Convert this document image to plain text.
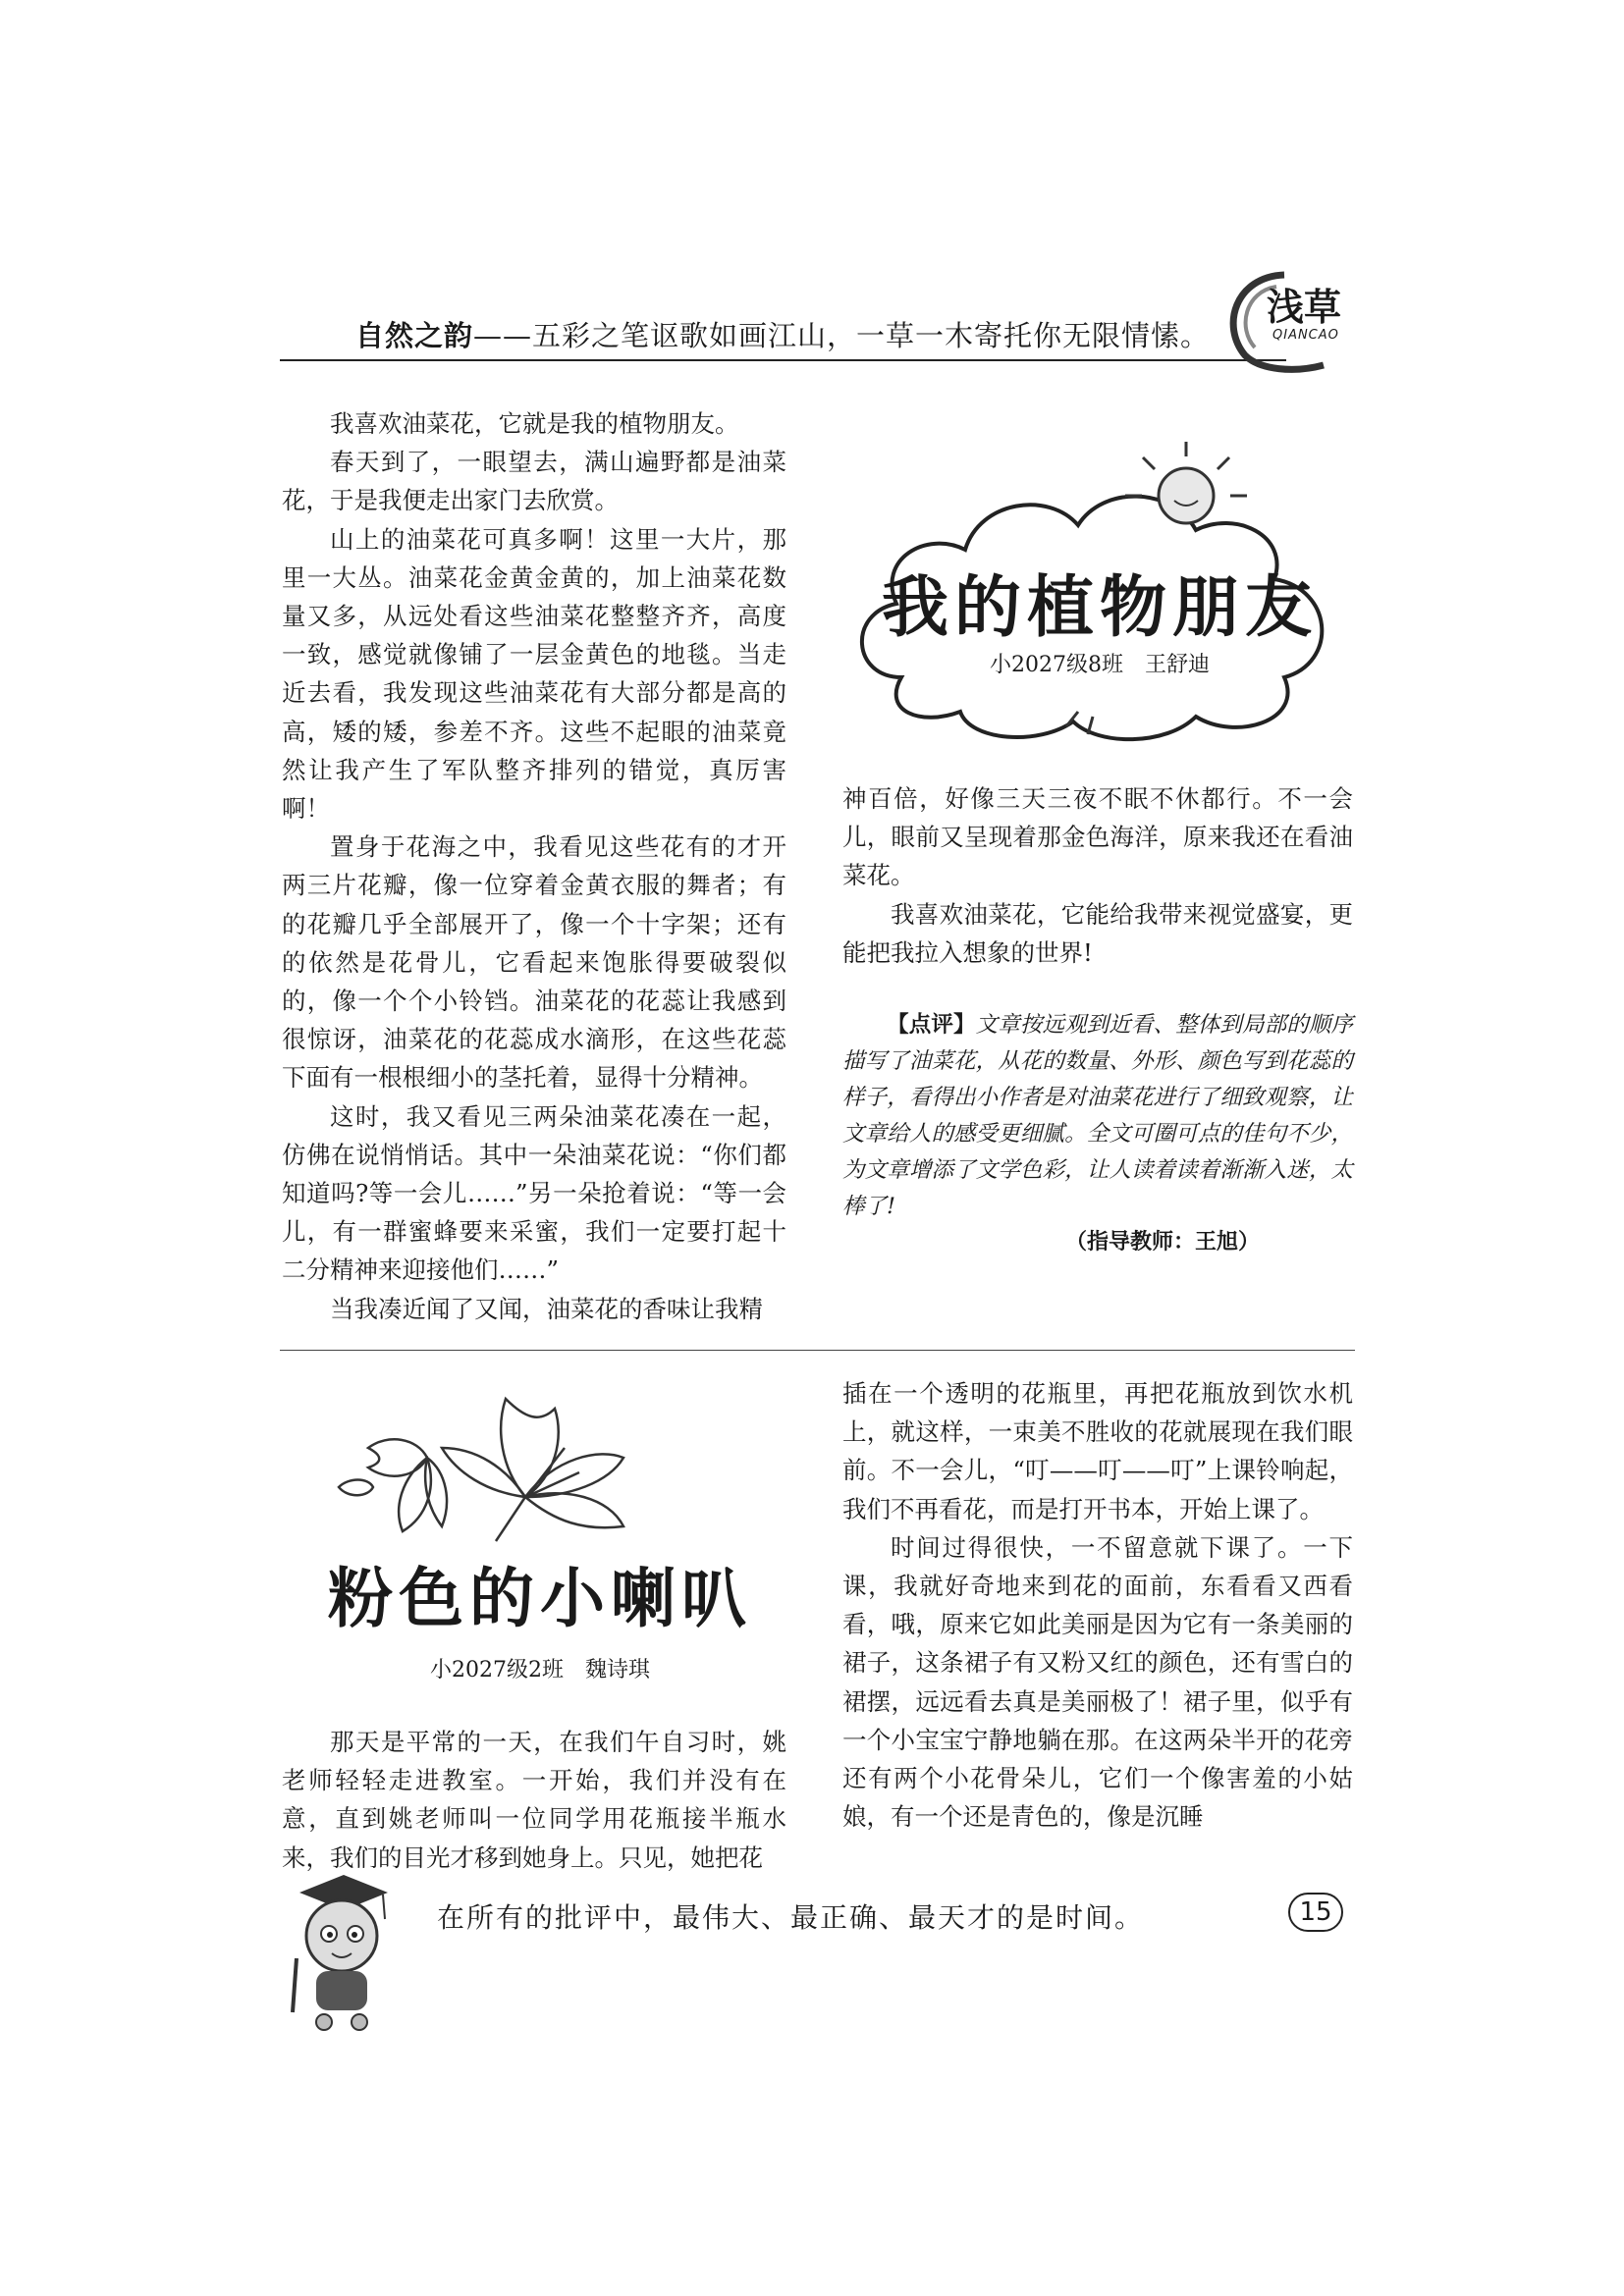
自然之韵——五彩之笔讴歌如画江山，一草一木寄托你无限情愫。
浅草
QIANCAO

我喜欢油菜花，它就是我的植物朋友。

春天到了，一眼望去，满山遍野都是油菜花，于是我便走出家门去欣赏。

山上的油菜花可真多啊！这里一大片，那里一大丛。油菜花金黄金黄的，加上油菜花数量又多，从远处看这些油菜花整整齐齐，高度一致，感觉就像铺了一层金黄色的地毯。当走近去看，我发现这些油菜花有大部分都是高的高，矮的矮，参差不齐。这些不起眼的油菜竟然让我产生了军队整齐排列的错觉，真厉害啊！

置身于花海之中，我看见这些花有的才开两三片花瓣，像一位穿着金黄衣服的舞者；有的花瓣几乎全部展开了，像一个十字架；还有的依然是花骨儿，它看起来饱胀得要破裂似的，像一个个小铃铛。油菜花的花蕊让我感到很惊讶，油菜花的花蕊成水滴形，在这些花蕊下面有一根根细小的茎托着，显得十分精神。

这时，我又看见三两朵油菜花凑在一起，仿佛在说悄悄话。其中一朵油菜花说：“你们都知道吗?等一会儿……”另一朵抢着说：“等一会儿，有一群蜜蜂要来采蜜，我们一定要打起十二分精神来迎接他们……”

当我凑近闻了又闻，油菜花的香味让我精

我的植物朋友
小2027级8班　王舒迪

神百倍，好像三天三夜不眠不休都行。不一会儿，眼前又呈现着那金色海洋，原来我还在看油菜花。

我喜欢油菜花，它能给我带来视觉盛宴，更能把我拉入想象的世界!

【点评】文章按远观到近看、整体到局部的顺序描写了油菜花，从花的数量、外形、颜色写到花蕊的样子，看得出小作者是对油菜花进行了细致观察，让文章给人的感受更细腻。全文可圈可点的佳句不少，为文章增添了文学色彩，让人读着读着渐渐入迷，太棒了!
（指导教师：王旭）
粉色的小喇叭
小2027级2班　魏诗琪

那天是平常的一天，在我们午自习时，姚老师轻轻走进教室。一开始，我们并没有在意，直到姚老师叫一位同学用花瓶接半瓶水来，我们的目光才移到她身上。只见，她把花

插在一个透明的花瓶里，再把花瓶放到饮水机上，就这样，一束美不胜收的花就展现在我们眼前。不一会儿，“叮——叮——叮”上课铃响起，我们不再看花，而是打开书本，开始上课了。

时间过得很快，一不留意就下课了。一下课，我就好奇地来到花的面前，东看看又西看看，哦，原来它如此美丽是因为它有一条美丽的裙子，这条裙子有又粉又红的颜色，还有雪白的裙摆，远远看去真是美丽极了！裙子里，似乎有一个小宝宝宁静地躺在那。在这两朵半开的花旁还有两个小花骨朵儿，它们一个像害羞的小姑娘，有一个还是青色的，像是沉睡

在所有的批评中，最伟大、最正确、最天才的是时间。	15
